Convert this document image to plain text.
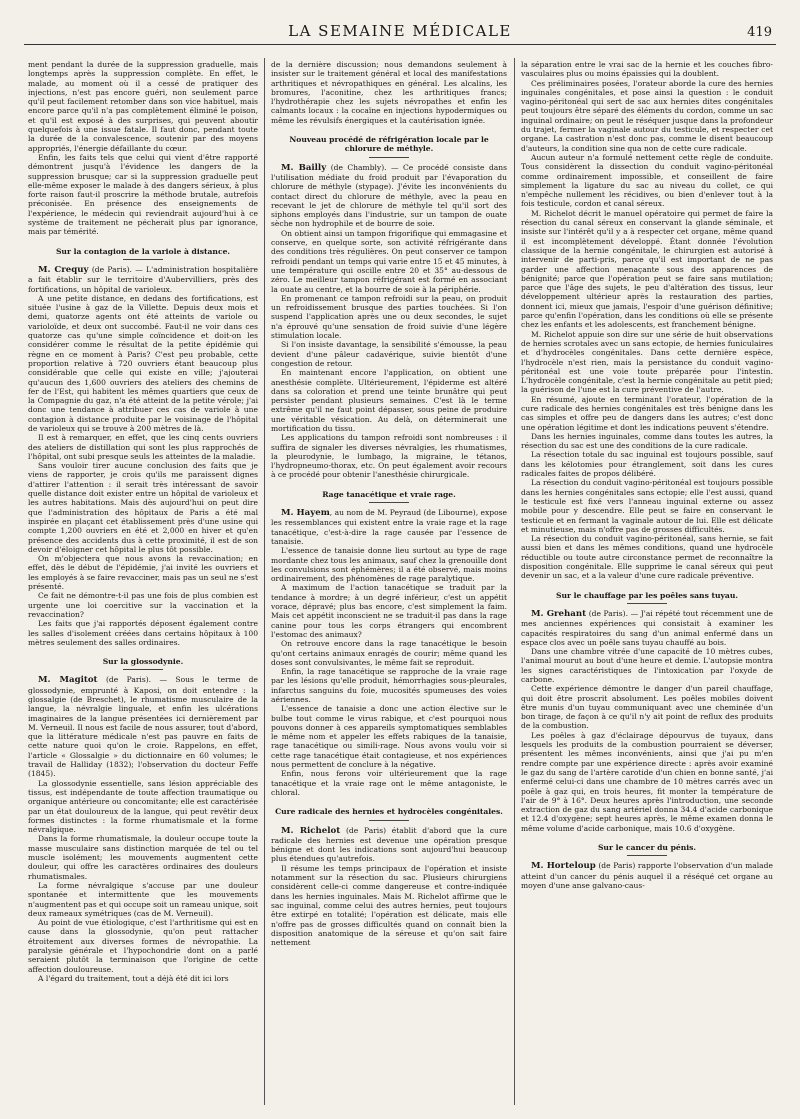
LA SEMAINE MÉDICALE	419

ment pendant la durée de la suppression graduelle, mais longtemps après la suppression complète. En effet, le malade, au moment où il a cessé de pratiquer des injections, n'est pas encore guéri, non seulement parce qu'il peut facilement retomber dans son vice habituel, mais encore parce qu'il n'a pas complètement éliminé le poison, et qu'il est exposé à des surprises, qui peuvent aboutir quelquefois à une issue fatale. Il faut donc, pendant toute la durée de la convalescence, soutenir par des moyens appropriés, l'énergie défaillante du cœur.

Enfin, les faits tels que celui qui vient d'être rapporté démontrent jusqu'à l'évidence les dangers de la suppression brusque; car si la suppression graduelle peut elle-même exposer le malade à des dangers sérieux, à plus forte raison faut-il proscrire la méthode brutale, autrefois préconisée. En présence des enseignements de l'expérience, le médecin qui reviendrait aujourd'hui à ce système de traitement ne pécherait plus par ignorance, mais par témérité.

Sur la contagion de la variole à distance.

M. Crequy (de Paris). — L'administration hospitalière a fait établir sur le territoire d'Aubervilliers, près des fortifications, un hôpital de varioleux.

A une petite distance, en dedans des fortifications, est située l'usine à gaz de la Villette. Depuis deux mois et demi, quatorze agents ont été atteints de variole ou varioloïde, et deux ont succombé. Faut-il ne voir dans ces quatorze cas qu'une simple coïncidence et doit-on les considérer comme le résultat de la petite épidémie qui règne en ce moment à Paris? C'est peu probable, cette proportion relative à 720 ouvriers étant beaucoup plus considérable que celle qui existe en ville; j'ajouterai qu'aucun des 1,600 ouvriers des ateliers des chemins de fer de l'Est, qui habitent les mêmes quartiers que ceux de la Compagnie du gaz, n'a été atteint de la petite vérole; j'ai donc une tendance à attribuer ces cas de variole à une contagion à distance produite par le voisinage de l'hôpital de varioleux qui se trouve à 200 mètres de là.

Il est à remarquer, en effet, que les cinq cents ouvriers des ateliers de distillation qui sont les plus rapprochés de l'hôpital, ont subi presque seuls les atteintes de la maladie.

Sans vouloir tirer aucune conclusion des faits que je viens de rapporter, je crois qu'ils me paraissent dignes d'attirer l'attention : il serait très intéressant de savoir quelle distance doit exister entre un hôpital de varioleux et les autres habitations. Mais dès aujourd'hui on peut dire que l'administration des hôpitaux de Paris a été mal inspirée en plaçant cet établissement près d'une usine qui compte 1,200 ouvriers en été et 2,000 en hiver et qu'en présence des accidents dus à cette proximité, il est de son devoir d'éloigner cet hôpital le plus tôt possible.

On m'objectera que nous avons la revaccination; en effet, dès le début de l'épidémie, j'ai invité les ouvriers et les employés à se faire revacciner, mais pas un seul ne s'est présenté.

Ce fait ne démontre-t-il pas une fois de plus combien est urgente une loi coercitive sur la vaccination et la revaccination?

Les faits que j'ai rapportés déposent également contre les salles d'isolement créées dans certains hôpitaux à 100 mètres seulement des salles ordinaires.

Sur la glossodynie.

M. Magitot (de Paris). — Sous le terme de glossodynie, emprunté à Kaposi, on doit entendre : la glossalgie (de Breschet), le rhumatisme musculaire de la langue, la névralgie linguale, et enfin les ulcérations imaginaires de la langue présentées ici dernièrement par M. Verneuil. Il nous est facile de nous assurer, tout d'abord, que la littérature médicale n'est pas pauvre en faits de cette nature quoi qu'on le croie. Rappelons, en effet, l'article « Glossalgie » du dictionnaire en 60 volumes; le travail de Halliday (1832); l'observation du docteur Feffe (1845).

La glossodynie essentielle, sans lésion appréciable des tissus, est indépendante de toute affection traumatique ou organique antérieure ou concomitante; elle est caractérisée par un état douloureux de la langue, qui peut revêtir deux formes distinctes : la forme rhumatismale et la forme névralgique.

Dans la forme rhumatismale, la douleur occupe toute la masse musculaire sans distinction marquée de tel ou tel muscle isolément; les mouvements augmentent cette douleur, qui offre les caractères ordinaires des douleurs rhumatismales.

La forme névralgique s'accuse par une douleur spontanée et intermittente que les mouvements n'augmentent pas et qui occupe soit un rameau unique, soit deux rameaux symétriques (cas de M. Verneuil).

Au point de vue étiologique, c'est l'arthritisme qui est en cause dans la glossodynie, qu'on peut rattacher étroitement aux diverses formes de névropathie. La paralysie générale et l'hypochondrie dont on a parlé seraient plutôt la terminaison que l'origine de cette affection douloureuse.

A l'égard du traitement, tout a déjà été dit ici lors

de la dernière discussion; nous demandons seulement à insister sur le traitement général et local des manifestations arthritiques et névropathiques en général. Les alcalins, les bromures, l'aconitine, chez les arthritiques francs; l'hydrothérapie chez les sujets névropathes et enfin les calmants locaux : la cocaïne en injections hypodermiques ou même les révulsifs énergiques et la cautérisation ignée.

Nouveau procédé de réfrigération locale par le chlorure de méthyle.

M. Bailly (de Chambly). — Ce procédé consiste dans l'utilisation médiate du froid produit par l'évaporation du chlorure de méthyle (stypage). J'évite les inconvénients du contact direct du chlorure de méthyle, avec la peau en recevant le jet de chlorure de méthyle tel qu'il sort des siphons employés dans l'industrie, sur un tampon de ouate sèche non hydrophile et de bourre de soie.

On obtient ainsi un tampon frigorifique qui emmagasine et conserve, en quelque sorte, son activité réfrigérante dans des conditions très régulières. On peut conserver ce tampon refroidi pendant un temps qui varie entre 15 et 45 minutes, à une température qui oscille entre 20 et 35° au-dessous de zéro. Le meilleur tampon réfrigérant est formé en associant la ouate au centre, et la bourre de soie à la périphérie.

En promenant ce tampon refroidi sur la peau, on produit un refroidissement brusque des parties touchées. Si l'on suspend l'application après une ou deux secondes, le sujet n'a éprouvé qu'une sensation de froid suivie d'une légère stimulation locale.

Si l'on insiste davantage, la sensibilité s'émousse, la peau devient d'une pâleur cadavérique, suivie bientôt d'une congestion de retour.

En maintenant encore l'application, on obtient une anesthésie complète. Ultérieurement, l'épiderme est altéré dans sa coloration et prend une teinte brunâtre qui peut persister pendant plusieurs semaines. C'est là le terme extrême qu'il ne faut point dépasser, sous peine de produire une véritable vésication. Au delà, on déterminerait une mortification du tissu.

Les applications du tampon refroidi sont nombreuses : il suffira de signaler les diverses névralgies, les rhumatismes, la pleurodynie, le lumbago, la migraine, le tétanos, l'hydropneumo-thorax, etc. On peut également avoir recours à ce procédé pour obtenir l'anesthésie chirurgicale.

Rage tanacétique et vraie rage.

M. Hayem, au nom de M. Peyraud (de Libourne), expose les ressemblances qui existent entre la vraie rage et la rage tanacétique, c'est-à-dire la rage causée par l'essence de tanaisie.

L'essence de tanaisie donne lieu surtout au type de rage mordante chez tous les animaux, sauf chez la grenouille dont les convulsions sont éphémères; il a été observé, mais moins ordinairement, des phénomènes de rage paralytique.

A maximum de l'action tanacétique se traduit par la tendance à mordre; à un degré inférieur, c'est un appétit vorace, dépravé; plus bas encore, c'est simplement la faim. Mais cet appétit inconscient ne se traduit-il pas dans la rage canine pour tous les corps étrangers qui encombrent l'estomac des animaux?

On retrouve encore dans la rage tanacétique le besoin qu'ont certains animaux enragés de courir; même quand les doses sont convulsivantes, le même fait se reproduit.

Enfin, la rage tanacétique se rapproche de la vraie rage par les lésions qu'elle produit, hémorrhagies sous-pleurales, infarctus sanguins du foie, mucosités spumeuses des voies aériennes.

L'essence de tanaisie a donc une action élective sur le bulbe tout comme le virus rabique, et c'est pourquoi nous pouvons donner à ces appareils symptomatiques semblables le même nom et appeler les effets rabiques de la tanaisie, rage tanacétique ou simili-rage. Nous avons voulu voir si cette rage tanacétique était contagieuse, et nos expériences nous permettent de conclure à la négative.

Enfin, nous ferons voir ultérieurement que la rage tanacétique et la vraie rage ont le même antagoniste, le chloral.

Cure radicale des hernies et hydrocèles congénitales.

M. Richelot (de Paris) établit d'abord que la cure radicale des hernies est devenue une opération presque bénigne et dont les indications sont aujourd'hui beaucoup plus étendues qu'autrefois.

Il résume les temps principaux de l'opération et insiste notamment sur la résection du sac. Plusieurs chirurgiens considèrent celle-ci comme dangereuse et contre-indiquée dans les hernies inguinales. Mais M. Richelot affirme que le sac inguinal, comme celui des autres hernies, peut toujours être extirpé en totalité; l'opération est délicate, mais elle n'offre pas de grosses difficultés quand on connaît bien la disposition anatomique de la séreuse et qu'on sait faire nettement

la séparation entre le vrai sac de la hernie et les couches fibro-vasculaires plus ou moins épaissies qui la doublent.

Ces préliminaires posées, l'orateur aborde la cure des hernies inguinales congénitales, et pose ainsi la question : le conduit vagino-péritonéal qui sert de sac aux hernies dites congénitales peut toujours être séparé des éléments du cordon, comme un sac inguinal ordinaire; on peut le réséquer jusque dans la profondeur du trajet, fermer la vaginale autour du testicule, et respecter cet organe. La castration n'est donc pas, comme le disent beaucoup d'auteurs, la condition sine qua non de cette cure radicale.

Aucun auteur n'a formulé nettement cette règle de conduite. Tous considèrent la dissection du conduit vagino-péritonéal comme ordinairement impossible, et conseillent de faire simplement la ligature du sac au niveau du collet, ce qui n'empêche nullement les récidives, ou bien d'enlever tout à la fois testicule, cordon et canal séreux.

M. Richelot décrit le manuel opératoire qui permet de faire la résection du canal séreux en conservant la glande séminale, et insiste sur l'intérêt qu'il y a à respecter cet organe, même quand il est incomplètement développé. Étant donnée l'évolution classique de la hernie congénitale, le chirurgien est autorisé à intervenir de parti-pris, parce qu'il est important de ne pas garder une affection menaçante sous des apparences de bénignité; parce que l'opération peut se faire sans mutilation; parce que l'âge des sujets, le peu d'altération des tissus, leur développement ultérieur après la restauration des parties, donnent ici, mieux que jamais, l'espoir d'une guérison définitive; parce qu'enfin l'opération, dans les conditions où elle se présente chez les enfants et les adolescents, est franchement bénigne.

M. Richelot appuie son dire sur une série de huit observations de hernies scrotales avec un sans ectopie, de hernies funiculaires et d'hydrocèles congénitales. Dans cette dernière espèce, l'hydrocèle n'est rien, mais la persistance du conduit vagino-péritonéal est une voie toute préparée pour l'intestin. L'hydrocèle congénitale, c'est la hernie congénitale au petit pied; la guérison de l'une est la cure préventive de l'autre.

En résumé, ajoute en terminant l'orateur, l'opération de la cure radicale des hernies congénitales est très bénigne dans les cas simples et offre peu de dangers dans les autres; c'est donc une opération légitime et dont les indications peuvent s'étendre.

Dans les hernies inguinales, comme dans toutes les autres, la résection du sac est une des conditions de la cure radicale.

La résection totale du sac inguinal est toujours possible, sauf dans les kélotomies pour étranglement, soit dans les cures radicales faites de propos délibéré.

La résection du conduit vagino-péritonéal est toujours possible dans les hernies congénitales sans ectopie; elle l'est aussi, quand le testicule est fixé vers l'anneau inguinal externe ou assez mobile pour y descendre. Elle peut se faire en conservant le testicule et en fermant la vaginale autour de lui. Elle est délicate et minutieuse, mais n'offre pas de grosses difficultés.

La résection du conduit vagino-péritonéal, sans hernie, se fait aussi bien et dans les mêmes conditions, quand une hydrocèle réductible ou toute autre circonstance permet de reconnaître la disposition congénitale. Elle supprime le canal séreux qui peut devenir un sac, et a la valeur d'une cure radicale préventive.

Sur le chauffage par les poêles sans tuyau.

M. Grehant (de Paris). — J'ai répété tout récemment une de mes anciennes expériences qui consistait à examiner les capacités respiratoires du sang d'un animal enfermé dans un espace clos avec un poêle sans tuyau chauffé au bois.

Dans une chambre vitrée d'une capacité de 10 mètres cubes, l'animal mourut au bout d'une heure et demie. L'autopsie montra les signes caractéristiques de l'intoxication par l'oxyde de carbone.

Cette expérience démontre le danger d'un pareil chauffage, qui doit être proscrit absolument. Les poêles mobiles doivent être munis d'un tuyau communiquant avec une cheminée d'un bon tirage, de façon à ce qu'il n'y ait point de reflux des produits de la combustion.

Les poêles à gaz d'éclairage dépourvus de tuyaux, dans lesquels les produits de la combustion pourraient se déverser, présentent les mêmes inconvénients, ainsi que j'ai pu m'en rendre compte par une expérience directe : après avoir examiné le gaz du sang de l'artère carotide d'un chien en bonne santé, j'ai enfermé celui-ci dans une chambre de 10 mètres carrés avec un poêle à gaz qui, en trois heures, fit monter la température de l'air de 9° à 16°. Deux heures après l'introduction, une seconde extraction de gaz du sang artériel donna 34.4 d'acide carbonique et 12.4 d'oxygène; sept heures après, le même examen donna le même volume d'acide carbonique, mais 10.6 d'oxygène.

Sur le cancer du pénis.

M. Horteloup (de Paris) rapporte l'observation d'un malade atteint d'un cancer du pénis auquel il a réséqué cet organe au moyen d'une anse galvano-caus-
